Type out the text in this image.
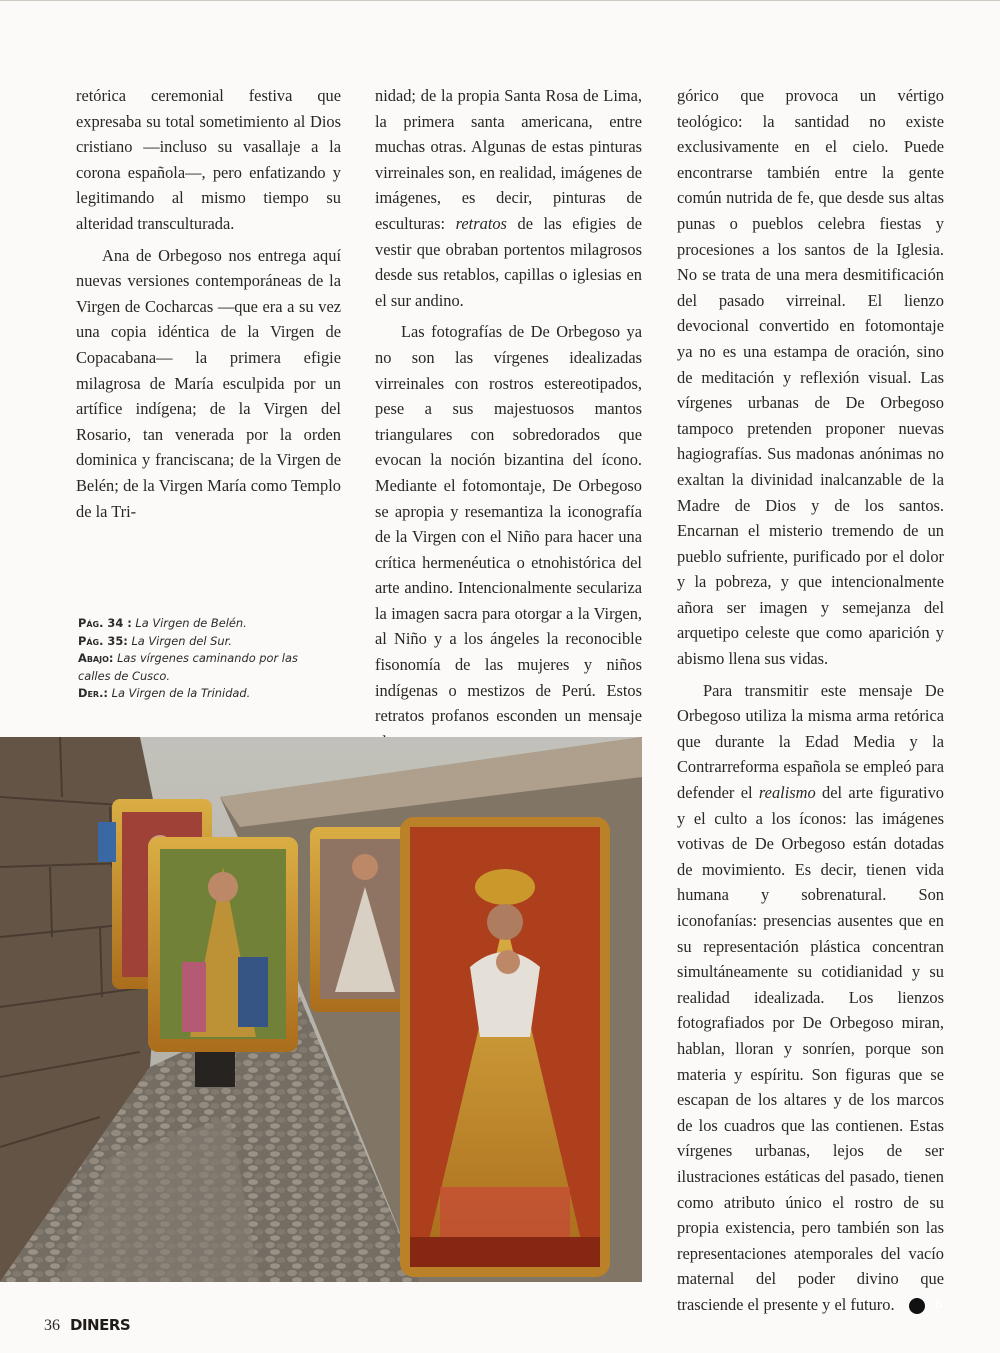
retórica ceremonial festiva que expresaba su total sometimiento al Dios cristiano —incluso su vasallaje a la corona española—, pero enfatizando y legitimando al mismo tiempo su alteridad transculturada.

Ana de Orbegoso nos entrega aquí nuevas versiones contemporáneas de la Virgen de Cocharcas —que era a su vez una copia idéntica de la Virgen de Copacabana— la primera efigie milagrosa de María esculpida por un artífice indígena; de la Virgen del Rosario, tan venerada por la orden dominica y franciscana; de la Virgen de Belén; de la Virgen María como Templo de la Tri-

nidad; de la propia Santa Rosa de Lima, la primera santa americana, entre muchas otras. Algunas de estas pinturas virreinales son, en realidad, imágenes de imágenes, es decir, pinturas de esculturas: retratos de las efigies de vestir que obraban portentos milagrosos desde sus retablos, capillas o iglesias en el sur andino.

Las fotografías de De Orbegoso ya no son las vírgenes idealizadas virreinales con rostros estereotipados, pese a sus majestuosos mantos triangulares con sobredorados que evocan la noción bizantina del ícono. Mediante el fotomontaje, De Orbegoso se apropia y resemantiza la iconografía de la Virgen con el Niño para hacer una crítica hermenéutica o etnohistórica del arte andino. Intencionalmente seculariza la imagen sacra para otorgar a la Virgen, al Niño y a los ángeles la reconocible fisonomía de las mujeres y niños indígenas o mestizos de Perú. Estos retratos profanos esconden un mensaje

górico que provoca un vértigo teológico: la santidad no existe exclusivamente en el cielo. Puede encontrarse también entre la gente común nutrida de fe, que desde sus altas punas o pueblos celebra fiestas y procesiones a los santos de la Iglesia. No se trata de una mera desmitificación del pasado virreinal. El lienzo devocional convertido en fotomontaje ya no es una estampa de oración, sino de meditación y reflexión visual. Las vírgenes urbanas de De Orbegoso tampoco pretenden proponer nuevas hagiografías. Sus madonas anónimas no exaltan la divinidad inalcanzable de la Madre de Dios y de los santos. Encarnan el misterio tremendo de un pueblo sufriente, purificado por el dolor y la pobreza, y que intencionalmente añora ser imagen y semejanza del arquetipo celeste que como aparición y abismo llena sus vidas.

Para transmitir este mensaje De Orbegoso utiliza la misma arma retórica que durante la Edad Media y la Contrarreforma española se empleó para defender el realismo del arte figurativo y el culto a los íconos: las imágenes votivas de De Orbegoso están dotadas de movimiento. Es decir, tienen vida humana y sobrenatural. Son iconofanías: presencias ausentes que en su representación plástica concentran simultáneamente su cotidianidad y su realidad idealizada. Los lienzos fotografiados por De Orbegoso miran, hablan, lloran y sonríen, porque son materia y espíritu. Son figuras que se escapan de los altares y de los marcos de los cuadros que las contienen. Estas vírgenes urbanas, lejos de ser ilustraciones estáticas del pasado, tienen como atributo único el rostro de su propia existencia, pero también son las representaciones atemporales del vacío maternal del poder divino que trasciende el presente y el futuro.	D

Pág. 34 : La Virgen de Belén.
Pág. 35: La Virgen del Sur.
Abajo: Las vírgenes caminando por las calles de Cusco.
Der.: La Virgen de la Trinidad.
36 DINERS
